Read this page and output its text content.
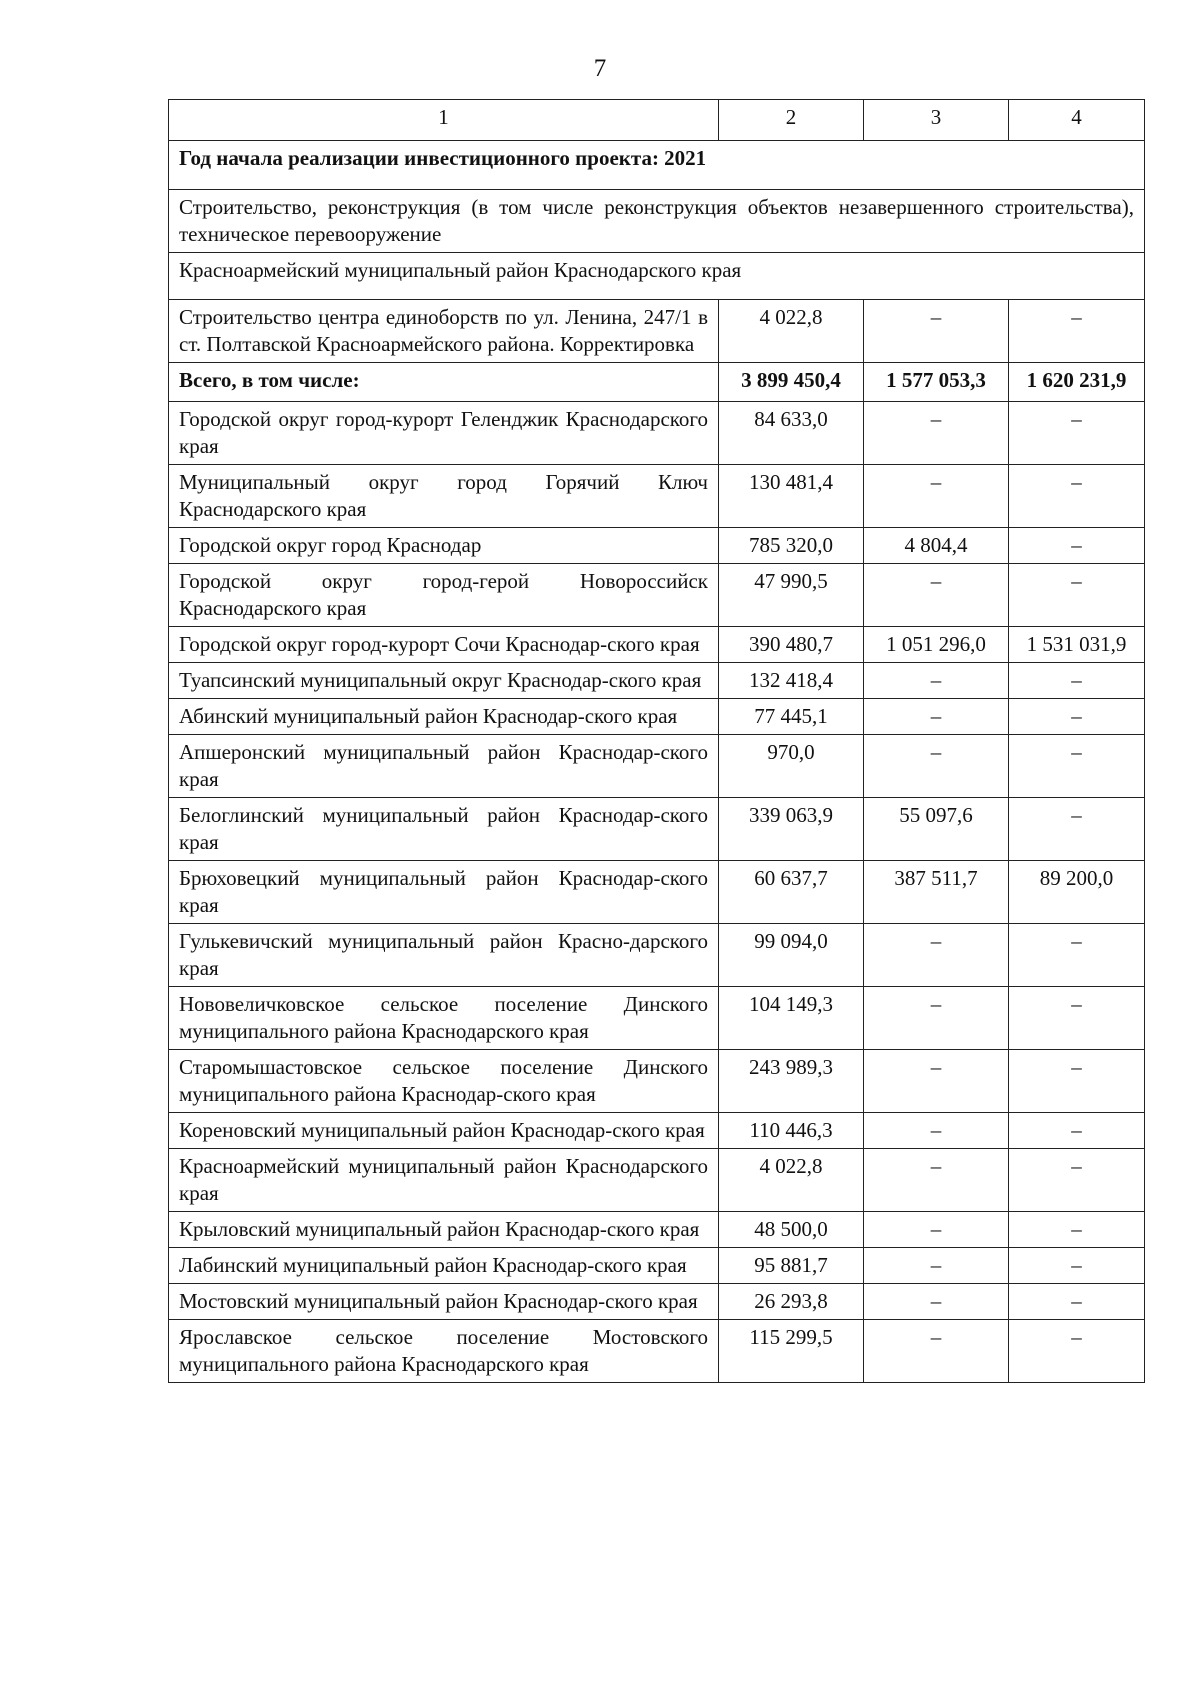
7
1	2	3	4
Год начала реализации инвестиционного проекта: 2021			
Строительство, реконструкция (в том числе реконструкция объектов незавершенного строительства), техническое перевооружение			
Красноармейский муниципальный район Краснодарского края			
Строительство центра единоборств по ул. Ленина, 247/1 в ст. Полтавской Красноармейского района. Корректировка	4 022,8	–	–
Всего, в том числе:	3 899 450,4	1 577 053,3	1 620 231,9
Городской округ город-курорт Геленджик Краснодарского края	84 633,0	–	–
Муниципальный округ город Горячий Ключ Краснодарского края	130 481,4	–	–
Городской округ город Краснодар	785 320,0	4 804,4	–
Городской округ город-герой Новороссийск Краснодарского края	47 990,5	–	–
Городской округ город-курорт Сочи Краснодар-ского края	390 480,7	1 051 296,0	1 531 031,9
Туапсинский муниципальный округ Краснодар-ского края	132 418,4	–	–
Абинский муниципальный район Краснодар-ского края	77 445,1	–	–
Апшеронский муниципальный район Краснодар-ского края	970,0	–	–
Белоглинский муниципальный район Краснодар-ского края	339 063,9	55 097,6	–
Брюховецкий муниципальный район Краснодар-ского края	60 637,7	387 511,7	89 200,0
Гулькевичский муниципальный район Красно-дарского края	99 094,0	–	–
Нововеличковское сельское поселение Динского муниципального района Краснодарского края	104 149,3	–	–
Старомышастовское сельское поселение Динского муниципального района Краснодар-ского края	243 989,3	–	–
Кореновский муниципальный район Краснодар-ского края	110 446,3	–	–
Красноармейский муниципальный район Краснодарского края	4 022,8	–	–
Крыловский муниципальный район Краснодар-ского края	48 500,0	–	–
Лабинский муниципальный район Краснодар-ского края	95 881,7	–	–
Мостовский муниципальный район Краснодар-ского края	26 293,8	–	–
Ярославское сельское поселение Мостовского муниципального района Краснодарского края	115 299,5	–	–
